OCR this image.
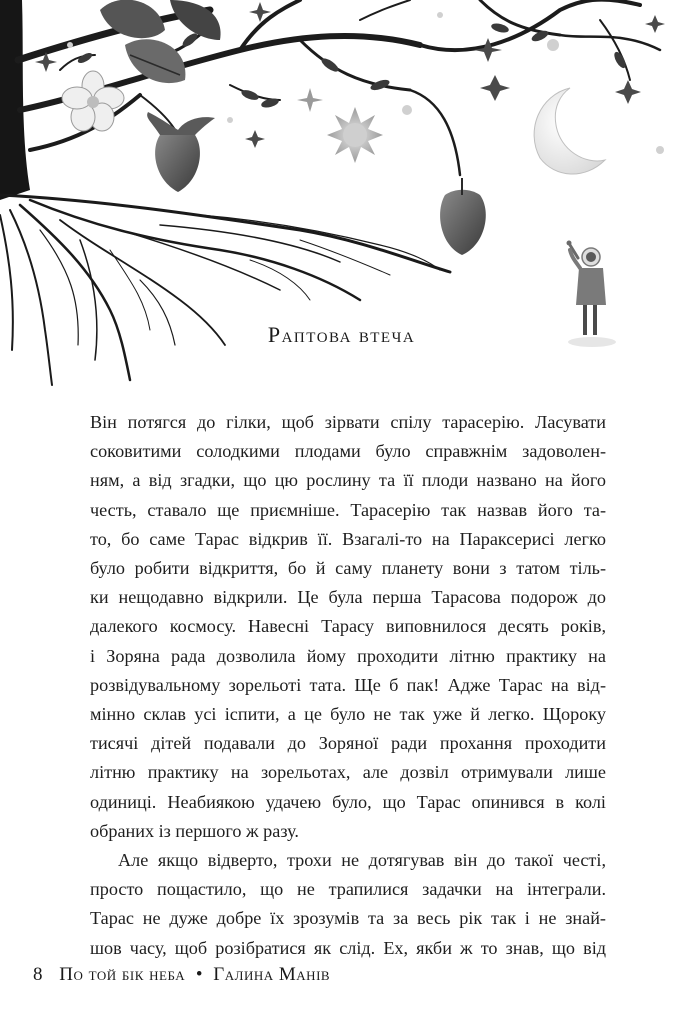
Раптова втеча

Він потягся до гілки, щоб зірвати спілу тарасерію. Ласувати
соковитими солодкими плодами було справжнім задоволен-
ням, а від згадки, що цю рослину та її плоди названо на його
честь, ставало ще приємніше. Тарасерію так назвав його та-
то, бо саме Тарас відкрив її. Взагалі-то на Параксерисі легко
було робити відкриття, бо й саму планету вони з татом тіль-
ки нещодавно відкрили. Це була перша Тарасова подорож до
далекого космосу. Навесні Тарасу виповнилося десять років,
і Зоряна рада дозволила йому проходити літню практику на
розвідувальному зорельоті тата. Ще б пак! Адже Тарас на від-
мінно склав усі іспити, а це було не так уже й легко. Щороку
тисячі дітей подавали до Зоряної ради прохання проходити
літню практику на зорельотах, але дозвіл отримували лише
одиниці. Неабиякою удачею було, що Тарас опинився в колі
обраних із першого ж разу.

Але якщо відверто, трохи не дотягував він до такої честі,
просто пощастило, що не трапилися задачки на інтеграли.
Тарас не дуже добре їх зрозумів та за весь рік так і не знай-
шов часу, щоб розібратися як слід. Ех, якби ж то знав, що від

8 По той бік неба • Галина Манів
